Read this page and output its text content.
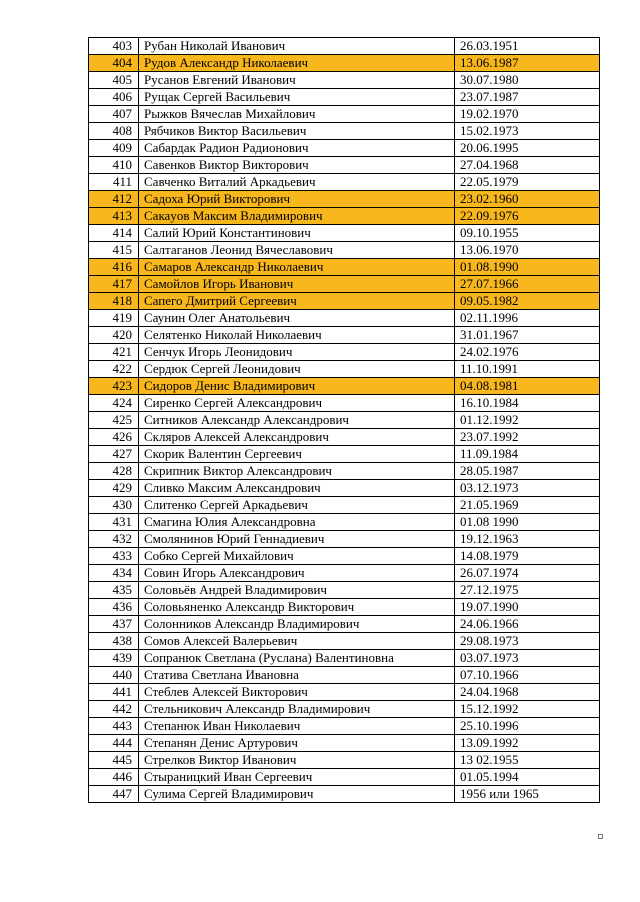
403	Рубан Николай Иванович	26.03.1951
404	Рудов Александр Николаевич	13.06.1987
405	Русанов Евгений Иванович	30.07.1980
406	Рущак Сергей Васильевич	23.07.1987
407	Рыжков Вячеслав Михайлович	19.02.1970
408	Рябчиков Виктор Васильевич	15.02.1973
409	Сабардак Радион Радионович	20.06.1995
410	Савенков Виктор Викторович	27.04.1968
411	Савченко Виталий Аркадьевич	22.05.1979
412	Садоха Юрий Викторович	23.02.1960
413	Сакаyов Максим Владимирович	22.09.1976
414	Салий Юрий Константинович	09.10.1955
415	Салтаганов Леонид Вячеславович	13.06.1970
416	Самаров Александр Николаевич	01.08.1990
417	Самойлов Игорь Иванович	27.07.1966
418	Сапего Дмитрий Сергеевич	09.05.1982
419	Саунин Олег Анатольевич	02.11.1996
420	Селятенко Николай Николаевич	31.01.1967
421	Сенчук Игорь Леонидович	24.02.1976
422	Сердюк Сергей Леонидович	11.10.1991
423	Сидоров Денис Владимирович	04.08.1981
424	Сиренко Сергей Александрович	16.10.1984
425	Ситников Александр Александрович	01.12.1992
426	Скляров Алексей Александрович	23.07.1992
427	Скорик Валентин Сергеевич	11.09.1984
428	Скрипник Виктор Александрович	28.05.1987
429	Сливко Максим Александрович	03.12.1973
430	Слитенко Сергей Аркадьевич	21.05.1969
431	Смагина Юлия Александровна	01.08 1990
432	Смолянинов Юрий Геннадиевич	19.12.1963
433	Собко Сергей Михайлович	14.08.1979
434	Совин Игорь Александрович	26.07.1974
435	Соловьёв Андрей Владимирович	27.12.1975
436	Соловьяненко Александр Викторович	19.07.1990
437	Солонников Александр Владимирович	24.06.1966
438	Сомов Алексей Валерьевич	29.08.1973
439	Сопранюк Светлана (Руслана) Валентиновна	03.07.1973
440	Статива Светлана Ивановна	07.10.1966
441	Стеблев Алексей Викторович	24.04.1968
442	Стельникович Александр Владимирович	15.12.1992
443	Степанюк Иван Николаевич	25.10.1996
444	Степанян Денис Артурович	13.09.1992
445	Стрелков Виктор Иванович	13 02.1955
446	Стыраницкий Иван Сергеевич	01.05.1994
447	Сулима Сергей Владимирович	1956 или 1965
